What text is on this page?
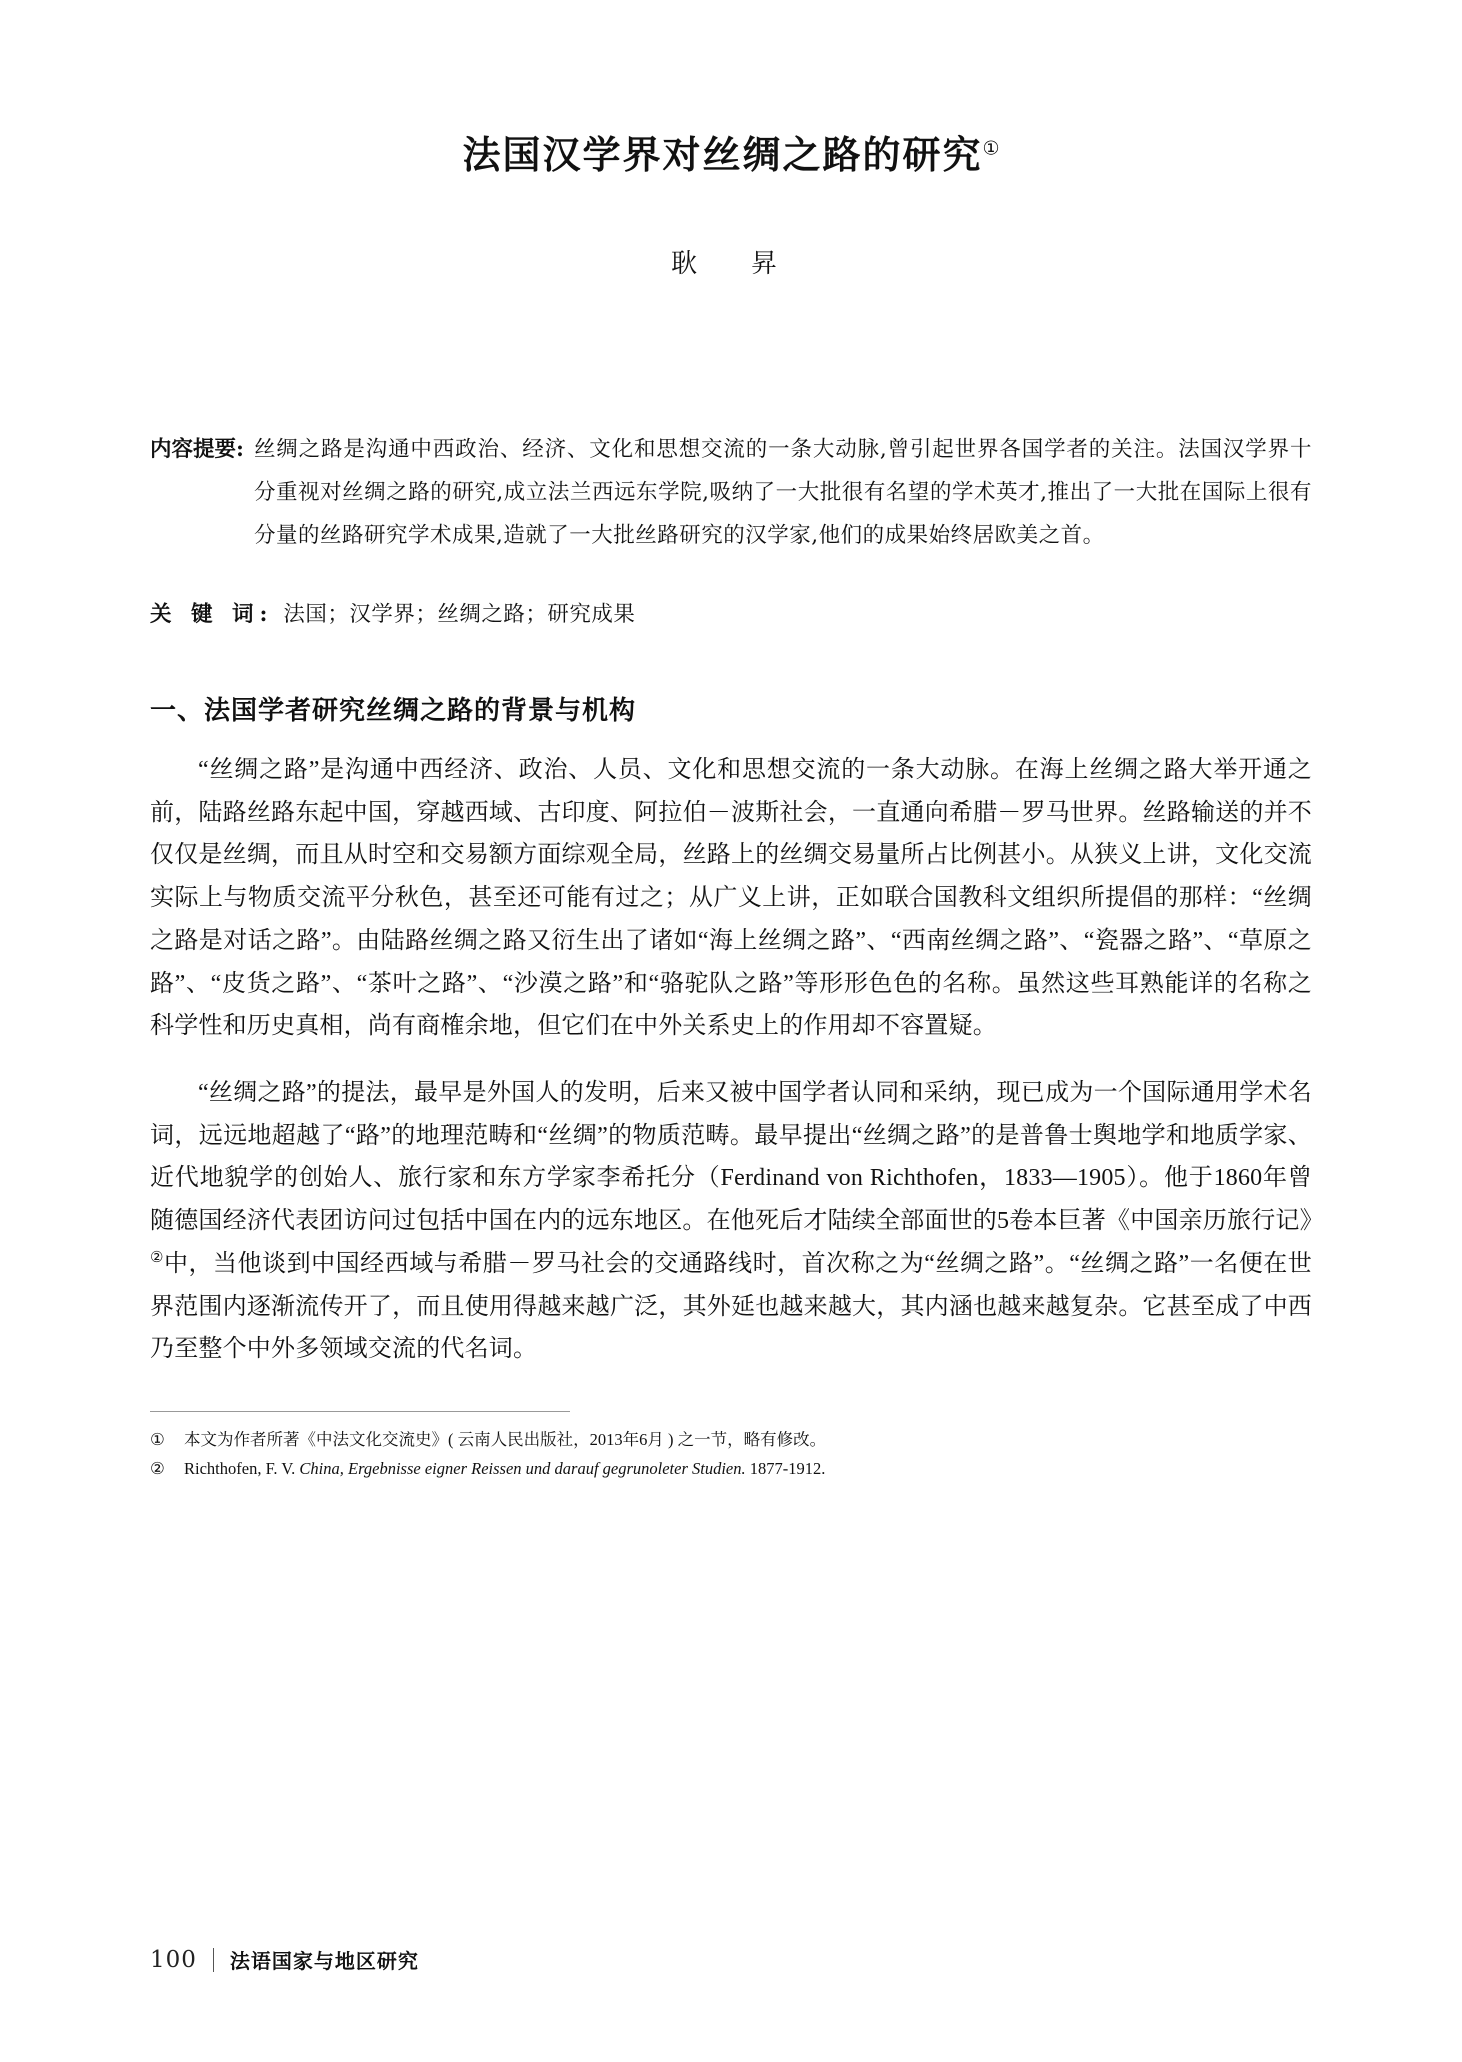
法国汉学界对丝绸之路的研究①
耿　昇
内容提要: 丝绸之路是沟通中西政治、经济、文化和思想交流的一条大动脉,曾引起世界各国学者的关注。法国汉学界十分重视对丝绸之路的研究,成立法兰西远东学院,吸纳了一大批很有名望的学术英才,推出了一大批在国际上很有分量的丝路研究学术成果,造就了一大批丝路研究的汉学家,他们的成果始终居欧美之首。
关 键 词: 法国；汉学界；丝绸之路；研究成果
一、法国学者研究丝绸之路的背景与机构

“丝绸之路”是沟通中西经济、政治、人员、文化和思想交流的一条大动脉。在海上丝绸之路大举开通之前，陆路丝路东起中国，穿越西域、古印度、阿拉伯－波斯社会，一直通向希腊－罗马世界。丝路输送的并不仅仅是丝绸，而且从时空和交易额方面综观全局，丝路上的丝绸交易量所占比例甚小。从狭义上讲，文化交流实际上与物质交流平分秋色，甚至还可能有过之；从广义上讲，正如联合国教科文组织所提倡的那样：“丝绸之路是对话之路”。由陆路丝绸之路又衍生出了诸如“海上丝绸之路”、“西南丝绸之路”、“瓷器之路”、“草原之路”、“皮货之路”、“茶叶之路”、“沙漠之路”和“骆驼队之路”等形形色色的名称。虽然这些耳熟能详的名称之科学性和历史真相，尚有商榷余地，但它们在中外关系史上的作用却不容置疑。

“丝绸之路”的提法，最早是外国人的发明，后来又被中国学者认同和采纳，现已成为一个国际通用学术名词，远远地超越了“路”的地理范畴和“丝绸”的物质范畴。最早提出“丝绸之路”的是普鲁士舆地学和地质学家、近代地貌学的创始人、旅行家和东方学家李希托分（Ferdinand von Richthofen，1833—1905）。他于1860年曾随德国经济代表团访问过包括中国在内的远东地区。在他死后才陆续全部面世的5卷本巨著《中国亲历旅行记》②中，当他谈到中国经西域与希腊－罗马社会的交通路线时，首次称之为“丝绸之路”。“丝绸之路”一名便在世界范围内逐渐流传开了，而且使用得越来越广泛，其外延也越来越大，其内涵也越来越复杂。它甚至成了中西乃至整个中外多领域交流的代名词。

①	本文为作者所著《中法文化交流史》( 云南人民出版社，2013年6月 ) 之一节，略有修改。
②	Richthofen, F. V. China, Ergebnisse eigner Reissen und darauf gegrunoleter Studien. 1877-1912.
100 法语国家与地区研究
